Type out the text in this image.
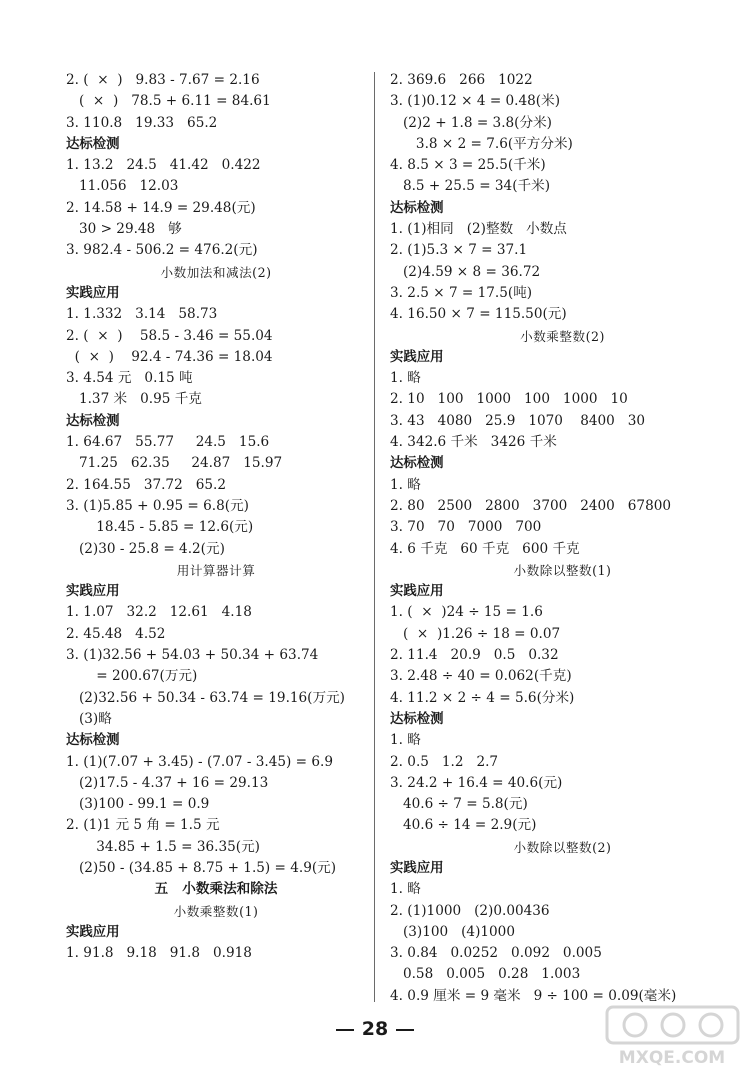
2. (  ×  )   9.83 - 7.67 = 2.16
(  ×  )   78.5 + 6.11 = 84.61
3. 110.8   19.33   65.2
达标检测
1. 13.2   24.5   41.42   0.422
11.056   12.03
2. 14.58 + 14.9 = 29.48(元)
30 > 29.48   够
3. 982.4 - 506.2 = 476.2(元)
小数加法和减法(2)
实践应用
1. 1.332   3.14   58.73
2. (  ×  )    58.5 - 3.46 = 55.04
(  ×  )    92.4 - 74.36 = 18.04
3. 4.54 元   0.15 吨
1.37 米   0.95 千克
达标检测
1. 64.67   55.77     24.5   15.6
71.25   62.35     24.87   15.97
2. 164.55   37.72   65.2
3. (1)5.85 + 0.95 = 6.8(元)
18.45 - 5.85 = 12.6(元)
(2)30 - 25.8 = 4.2(元)
用计算器计算
实践应用
1. 1.07   32.2   12.61   4.18
2. 45.48   4.52
3. (1)32.56 + 54.03 + 50.34 + 63.74
= 200.67(万元)
(2)32.56 + 50.34 - 63.74 = 19.16(万元)
(3)略
达标检测
1. (1)(7.07 + 3.45) - (7.07 - 3.45) = 6.9
(2)17.5 - 4.37 + 16 = 29.13
(3)100 - 99.1 = 0.9
2. (1)1 元 5 角 = 1.5 元
34.85 + 1.5 = 36.35(元)
(2)50 - (34.85 + 8.75 + 1.5) = 4.9(元)
五   小数乘法和除法
小数乘整数(1)
实践应用
1. 91.8   9.18   91.8   0.918
2. 369.6   266   1022
3. (1)0.12 × 4 = 0.48(米)
(2)2 + 1.8 = 3.8(分米)
3.8 × 2 = 7.6(平方分米)
4. 8.5 × 3 = 25.5(千米)
8.5 + 25.5 = 34(千米)
达标检测
1. (1)相同   (2)整数   小数点
2. (1)5.3 × 7 = 37.1
(2)4.59 × 8 = 36.72
3. 2.5 × 7 = 17.5(吨)
4. 16.50 × 7 = 115.50(元)
小数乘整数(2)
实践应用
1. 略
2. 10   100   1000   100   1000   10
3. 43   4080   25.9   1070    8400   30
4. 342.6 千米   3426 千米
达标检测
1. 略
2. 80   2500   2800   3700   2400   67800
3. 70   70   7000   700
4. 6 千克   60 千克   600 千克
小数除以整数(1)
实践应用
1. (  ×  )24 ÷ 15 = 1.6
(  ×  )1.26 ÷ 18 = 0.07
2. 11.4   20.9   0.5   0.32
3. 2.48 ÷ 40 = 0.062(千克)
4. 11.2 × 2 ÷ 4 = 5.6(分米)
达标检测
1. 略
2. 0.5   1.2   2.7
3. 24.2 + 16.4 = 40.6(元)
40.6 ÷ 7 = 5.8(元)
40.6 ÷ 14 = 2.9(元)
小数除以整数(2)
实践应用
1. 略
2. (1)1000   (2)0.00436
(3)100   (4)1000
3. 0.84   0.0252   0.092   0.005
0.58   0.005   0.28   1.003
4. 0.9 厘米 = 9 毫米   9 ÷ 100 = 0.09(毫米)
28
MXQE.COM
